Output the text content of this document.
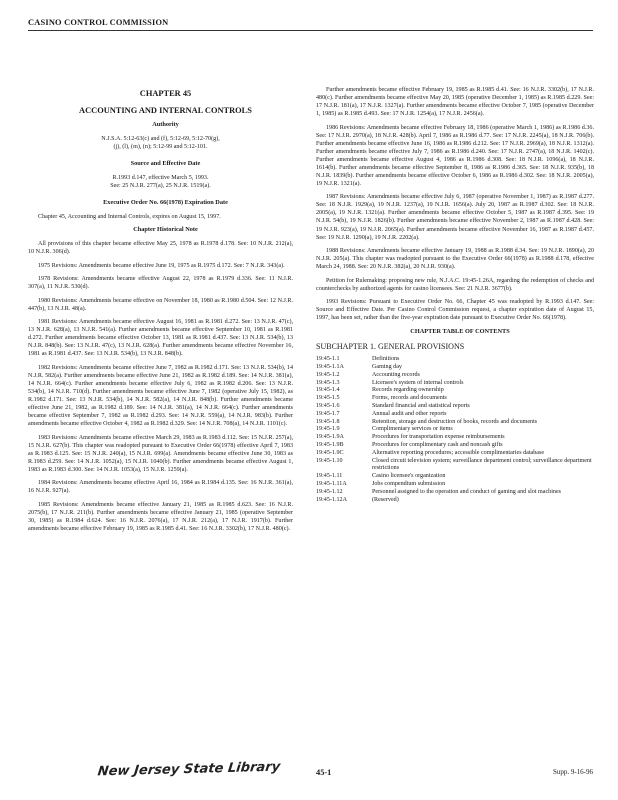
CASINO CONTROL COMMISSION

CHAPTER 45

ACCOUNTING AND INTERNAL CONTROLS

Authority

N.J.S.A. 5:12-63(c) and (f), 5:12-69, 5:12-70(g),
(j), (l), (m), (n); 5:12-99 and 5:12-101.

Source and Effective Date

R.1993 d.147, effective March 5, 1993.
See: 25 N.J.R. 277(a), 25 N.J.R. 1519(a).

Executive Order No. 66(1978) Expiration Date

Chapter 45, Accounting and Internal Controls, expires on August 15, 1997.

Chapter Historical Note

All provisions of this chapter became effective May 25, 1978 as R.1978 d.178. See: 10 N.J.R. 212(a), 10 N.J.R. 306(d).

1975 Revisions: Amendments became effective June 19, 1975 as R.1975 d.172. See: 7 N.J.R. 343(a).

1978 Revisions: Amendments became effective August 22, 1978 as R.1979 d.336. See: 11 N.J.R. 307(a), 11 N.J.R. 530(d).

1980 Revisions: Amendments became effective on November 18, 1980 as R.1980 d.504. See: 12 N.J.R. 447(b), 13 N.J.R. 48(a).

1981 Revisions: Amendments became effective August 16, 1981 as R.1981 d.272. See: 13 N.J.R. 47(c), 13 N.J.R. 628(a), 13 N.J.R. 541(a). Further amendments became effective September 10, 1981 as R.1981 d.272. Further amendments became effective October 13, 1981 as R.1981 d.437. See: 13 N.J.R. 534(b), 13 N.J.R. 848(b). See: 13 N.J.R. 47(c), 13 N.J.R. 628(a). Further amendments became effective November 16, 1981 as R.1981 d.437. See: 13 N.J.R. 534(b), 13 N.J.R. 848(b).

1982 Revisions: Amendments became effective June 7, 1982 as R.1982 d.171. See: 13 N.J.R. 534(b), 14 N.J.R. 582(a). Further amendments became effective June 21, 1982 as R.1982 d.189. See: 14 N.J.R. 381(a), 14 N.J.R. 664(c). Further amendments became effective July 6, 1982 as R.1982 d.206. See: 13 N.J.R. 534(b), 14 N.J.R. 710(d). Further amendments became effective June 7, 1982 (operative July 15, 1982), as R.1982 d.171. See: 13 N.J.R. 534(b), 14 N.J.R. 582(a), 14 N.J.R. 848(b). Further amendments became effective June 21, 1982, as R.1982 d.189. See: 14 N.J.R. 381(a), 14 N.J.R. 664(c). Further amendments became effective September 7, 1982 as R.1982 d.293. See: 14 N.J.R. 559(a), 14 N.J.R. 983(b). Further amendments became effective October 4, 1982 as R.1982 d.329. See: 14 N.J.R. 708(a), 14 N.J.R. 1101(c).

1983 Revisions: Amendments became effective March 29, 1983 as R.1983 d.112. See: 15 N.J.R. 257(a), 15 N.J.R. 627(b). This chapter was readopted pursuant to Executive Order 66(1978) effective April 7, 1983 as R.1983 d.125. See: 15 N.J.R. 240(a), 15 N.J.R. 699(a). Amendments became effective June 30, 1983 as R.1983 d.259. See: 14 N.J.R. 1052(a), 15 N.J.R. 1040(b). Further amendments became effective August 1, 1983 as R.1983 d.300. See: 14 N.J.R. 1053(a), 15 N.J.R. 1259(a).

1984 Revisions: Amendments became effective April 16, 1984 as R.1984 d.135. See: 16 N.J.R. 361(a), 16 N.J.R. 927(a).

1985 Revisions: Amendments became effective January 21, 1985 as R.1985 d.623. See: 16 N.J.R. 2075(b), 17 N.J.R. 211(b). Further amendments became effective January 21, 1985 (operative September 30, 1985) as R.1984 d.624. See: 16 N.J.R. 2076(a), 17 N.J.R. 212(a), 17 N.J.R. 1917(b). Further amendments became effective February 19, 1985 as R.1985 d.41. See: 16 N.J.R. 3302(b), 17 N.J.R. 480(c).

Further amendments became effective February 19, 1985 as R.1985 d.41. See: 16 N.J.R. 3302(b), 17 N.J.R. 480(c). Further amendments became effective May 20, 1985 (operative December 1, 1985) as R.1985 d.229. See: 17 N.J.R. 181(a), 17 N.J.R. 1327(a). Further amendments became effective October 7, 1985 (operative December 1, 1985) as R.1985 d.493. See: 17 N.J.R. 1254(a), 17 N.J.R. 2456(a).

1986 Revisions: Amendments became effective February 18, 1986 (operative March 1, 1986) as R.1986 d.36. See: 17 N.J.R. 2970(a), 18 N.J.R. 428(b). April 7, 1986 as R.1986 d.77. See: 17 N.J.R. 2245(a), 18 N.J.R. 706(b). Further amendments became effective June 16, 1986 as R.1986 d.212. See: 17 N.J.R. 2969(a), 18 N.J.R. 1312(a). Further amendments became effective July 7, 1986 as R.1986 d.240. See: 17 N.J.R. 2747(a), 18 N.J.R. 1402(c). Further amendments became effective August 4, 1986 as R.1986 d.308. See: 18 N.J.R. 1096(a), 18 N.J.R. 1614(b). Further amendments became effective September 8, 1986 as R.1986 d.365. See: 18 N.J.R. 935(b), 18 N.J.R. 1839(b). Further amendments became effective October 6, 1986 as R.1986 d.302. See: 18 N.J.R. 2005(a), 19 N.J.R. 1321(a).

1987 Revisions: Amendments became effective July 6, 1987 (operative November 1, 1987) as R.1987 d.277. See: 18 N.J.R. 1929(a), 19 N.J.R. 1237(a), 19 N.J.R. 1656(a). July 20, 1987 as R.1987 d.302. See: 18 N.J.R. 2005(a), 19 N.J.R. 1321(a). Further amendments became effective October 5, 1987 as R.1987 d.395. See: 19 N.J.R. 54(b), 19 N.J.R. 1826(b). Further amendments became effective November 2, 1987 as R.1987 d.428. See: 19 N.J.R. 923(a), 19 N.J.R. 2065(a). Further amendments became effective November 16, 1987 as R.1987 d.457. See: 19 N.J.R. 1290(a), 19 N.J.R. 2202(a).

1988 Revisions: Amendments became effective January 19, 1988 as R.1988 d.34. See: 19 N.J.R. 1890(a), 20 N.J.R. 205(a). This chapter was readopted pursuant to the Executive Order 66(1978) as R.1988 d.178, effective March 24, 1988. See: 20 N.J.R. 382(a), 20 N.J.R. 930(a).

Petition for Rulemaking: proposing new rule, N.J.A.C. 19:45-1.26A, regarding the redemption of checks and counterchecks by authorized agents for casino licensees. See: 21 N.J.R. 3677(b).

1993 Revisions: Pursuant to Executive Order No. 66, Chapter 45 was readopted by R.1993 d.147. See: Source and Effective Date. Per Casino Control Commission request, a chapter expiration date of August 15, 1997, has been set, rather than the five-year expiration date pursuant to Executive Order No. 66(1978).

CHAPTER TABLE OF CONTENTS

SUBCHAPTER 1. GENERAL PROVISIONS
19:45-1.1	Definitions
19:45-1.1A	Gaming day
19:45-1.2	Accounting records
19:45-1.3	Licensee's system of internal controls
19:45-1.4	Records regarding ownership
19:45-1.5	Forms, records and documents
19:45-1.6	Standard financial and statistical reports
19:45-1.7	Annual audit and other reports
19:45-1.8	Retention, storage and destruction of books, records and documents
19:45-1.9	Complimentary services or items
19:45-1.9A	Procedures for transportation expense reimbursements
19:45-1.9B	Procedures for complimentary cash and noncash gifts
19:45-1.9C	Alternative reporting procedures; accessible complimentaries database
19:45-1.10	Closed circuit television system; surveillance department control; surveillance department restrictions
19:45-1.11	Casino licensee's organization
19:45-1.11A	Jobs compendium submission
19:45-1.12	Personnel assigned to the operation and conduct of gaming and slot machines
19:45-1.12A	(Reserved)
New Jersey State Library	45-1	Supp. 9-16-96
